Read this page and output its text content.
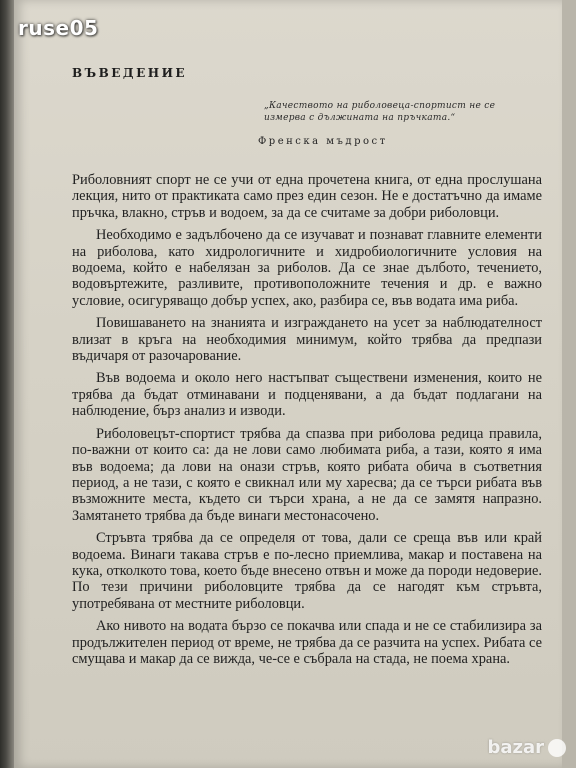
ВЪВЕДЕНИЕ
„Качеството на риболовеца-спортист не се измерва с дължината на пръчката.“
Френска мъдрост

Риболовният спорт не се учи от една прочетена книга, от една прослушана лекция, нито от практиката само през един сезон. Не е достатъчно да имаме пръчка, влакно, стръв и водоем, за да се считаме за добри риболовци.

Необходимо е задълбочено да се изучават и познават главните елементи на риболова, като хидрологичните и хидробиологичните условия на водоема, който е набелязан за риболов. Да се знае дълбото, течението, водовъртежите, разливите, противоположните течения и др. е важно условие, осигуряващо добър успех, ако, разбира се, във водата има риба.

Повишаването на знанията и изграждането на усет за наблюдателност влизат в кръга на необходимия минимум, който трябва да предпази въдичаря от разочарование.

Във водоема и около него настъпват съществени изменения, които не трябва да бъдат отминавани и подценявани, а да бъдат подлагани на наблюдение, бърз анализ и изводи.

Риболовецът-спортист трябва да спазва при риболова редица правила, по-важни от които са: да не лови само любимата риба, а тази, която я има във водоема; да лови на онази стръв, която рибата обича в съответния период, а не тази, с която е свикнал или му харесва; да се търси рибата във възможните места, където си търси храна, а не да се замятя напразно. Замятането трябва да бъде винаги местонасочено.

Стръвта трябва да се определя от това, дали се среща във или край водоема. Винаги такава стръв е по-лесно приемлива, макар и поставена на кука, отколкото това, което бъде внесено отвън и може да породи недоверие. По тези причини риболовците трябва да се нагодят към стръвта, употребявана от местните риболовци.

Ако нивото на водата бързо се покачва или спада и не се стабилизира за продължителен период от време, не трябва да се разчита на успех. Рибата се смущава и макар да се вижда, че-се е събрала на стада, не поема храна.

ruse05
bazar
